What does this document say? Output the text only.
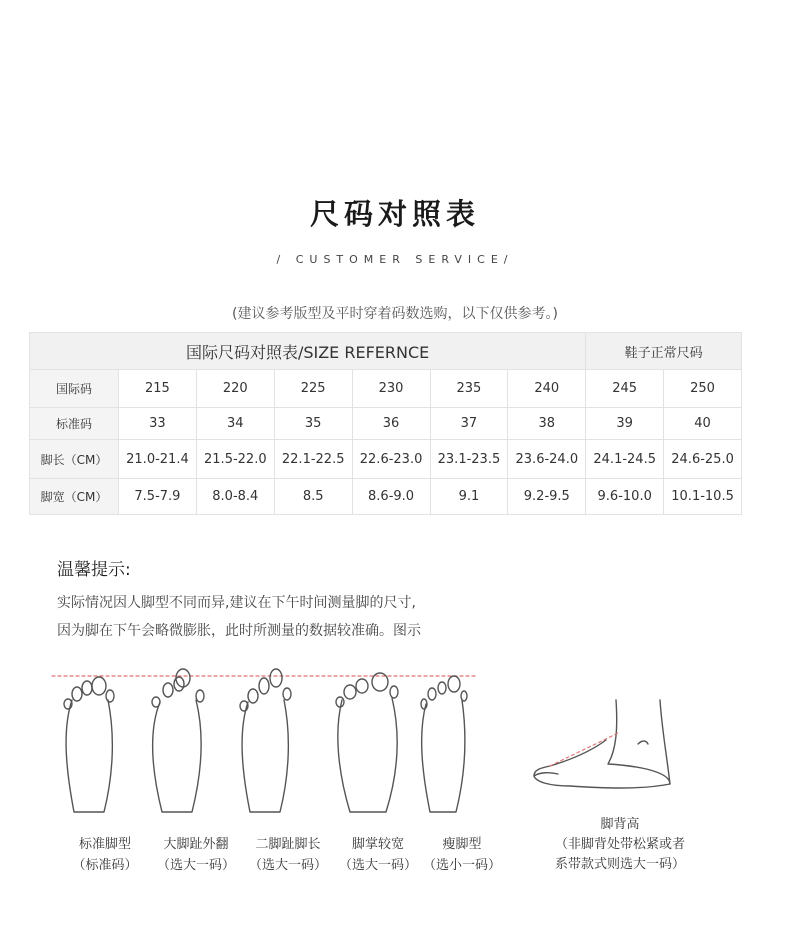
尺码对照表
/ CUSTOMER SERVICE/
(建议参考版型及平时穿着码数选购，以下仅供参考。)
国际尺码对照表/SIZE REFERNCE							鞋子正常尺码	
国际码	215	220	225	230	235	240	245	250
标准码	33	34	35	36	37	38	39	40
脚长（CM）	21.0-21.4	21.5-22.0	22.1-22.5	22.6-23.0	23.1-23.5	23.6-24.0	24.1-24.5	24.6-25.0
脚宽（CM）	7.5-7.9	8.0-8.4	8.5	8.6-9.0	9.1	9.2-9.5	9.6-10.0	10.1-10.5
温馨提示:
实际情况因人脚型不同而异,建议在下午时间测量脚的尺寸,
因为脚在下午会略微膨胀，此时所测量的数据较准确。图示
标准脚型
（标准码）
大脚趾外翻
（选大一码）
二脚趾脚长
（选大一码）
脚掌较宽
（选大一码）
瘦脚型
（选小一码）
脚背高
（非脚背处带松紧或者
系带款式则选大一码）
